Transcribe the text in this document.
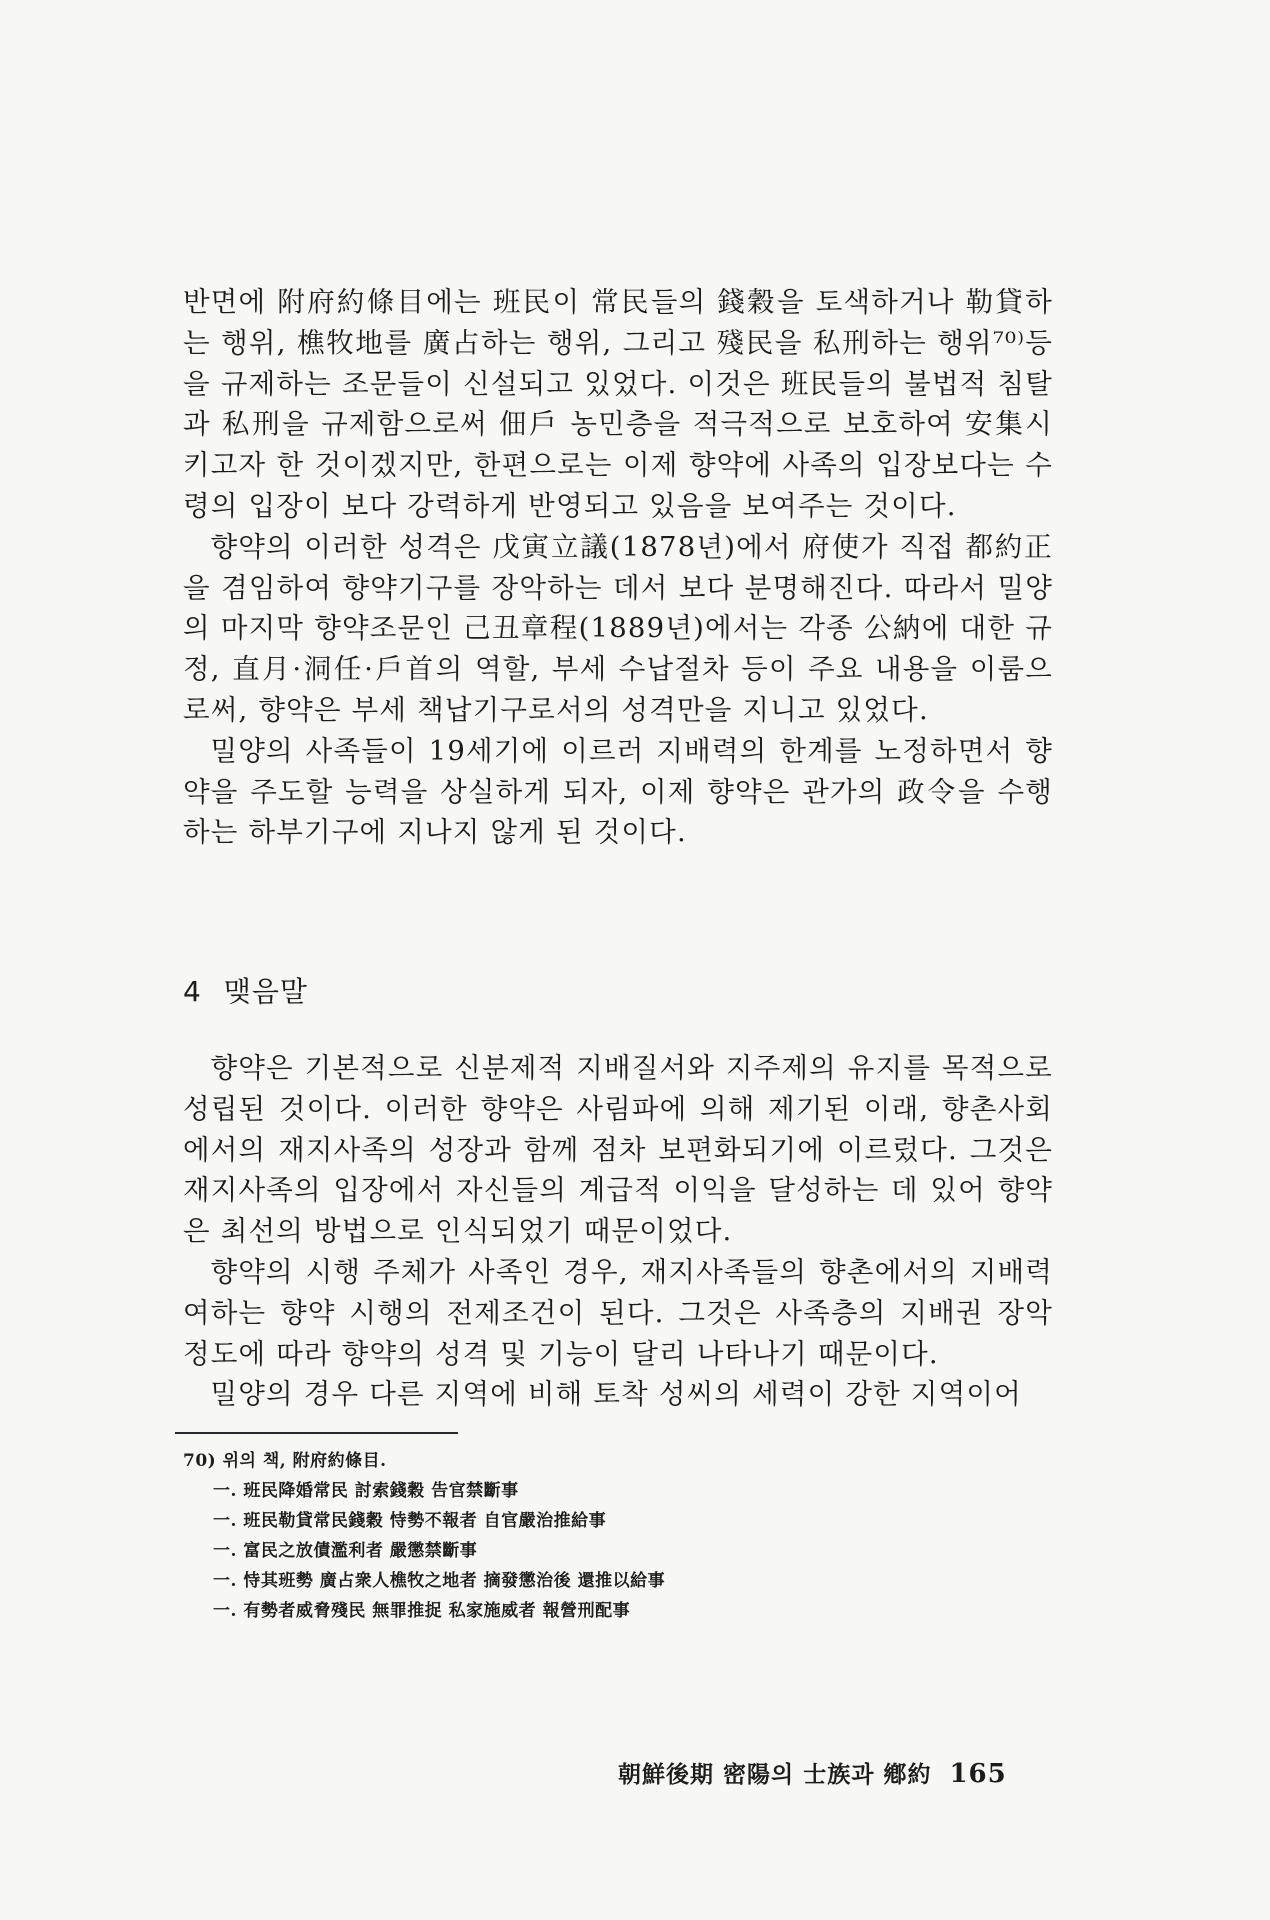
반면에 附府約條目에는 班民이 常民들의 錢穀을 토색하거나 勒貸하는 행위, 樵牧地를 廣占하는 행위, 그리고 殘民을 私刑하는 행위⁷⁰⁾등을 규제하는 조문들이 신설되고 있었다. 이것은 班民들의 불법적 침탈과 私刑을 규제함으로써 佃戶 농민층을 적극적으로 보호하여 安集시키고자 한 것이겠지만, 한편으로는 이제 향약에 사족의 입장보다는 수령의 입장이 보다 강력하게 반영되고 있음을 보여주는 것이다.

향약의 이러한 성격은 戊寅立議(1878년)에서 府使가 직접 都約正을 겸임하여 향약기구를 장악하는 데서 보다 분명해진다. 따라서 밀양의 마지막 향약조문인 己丑章程(1889년)에서는 각종 公納에 대한 규정, 直月·洞任·戶首의 역할, 부세 수납절차 등이 주요 내용을 이룸으로써, 향약은 부세 책납기구로서의 성격만을 지니고 있었다.

밀양의 사족들이 19세기에 이르러 지배력의 한계를 노정하면서 향약을 주도할 능력을 상실하게 되자, 이제 향약은 관가의 政令을 수행하는 하부기구에 지나지 않게 된 것이다.

4 맺음말

향약은 기본적으로 신분제적 지배질서와 지주제의 유지를 목적으로 성립된 것이다. 이러한 향약은 사림파에 의해 제기된 이래, 향촌사회에서의 재지사족의 성장과 함께 점차 보편화되기에 이르렀다. 그것은 재지사족의 입장에서 자신들의 계급적 이익을 달성하는 데 있어 향약은 최선의 방법으로 인식되었기 때문이었다.

향약의 시행 주체가 사족인 경우, 재지사족들의 향촌에서의 지배력여하는 향약 시행의 전제조건이 된다. 그것은 사족층의 지배권 장악 정도에 따라 향약의 성격 및 기능이 달리 나타나기 때문이다.

밀양의 경우 다른 지역에 비해 토착 성씨의 세력이 강한 지역이어

70) 위의 책, 附府約條目.

一. 班民降婚常民 討索錢穀 告官禁斷事

一. 班民勒貸常民錢穀 恃勢不報者 自官嚴治推給事

一. 富民之放債濫利者 嚴懲禁斷事

一. 恃其班勢 廣占衆人樵牧之地者 摘發懲治後 還推以給事

一. 有勢者威脅殘民 無罪推捉 私家施威者 報營刑配事

朝鮮後期 密陽의 士族과 鄕約 165
